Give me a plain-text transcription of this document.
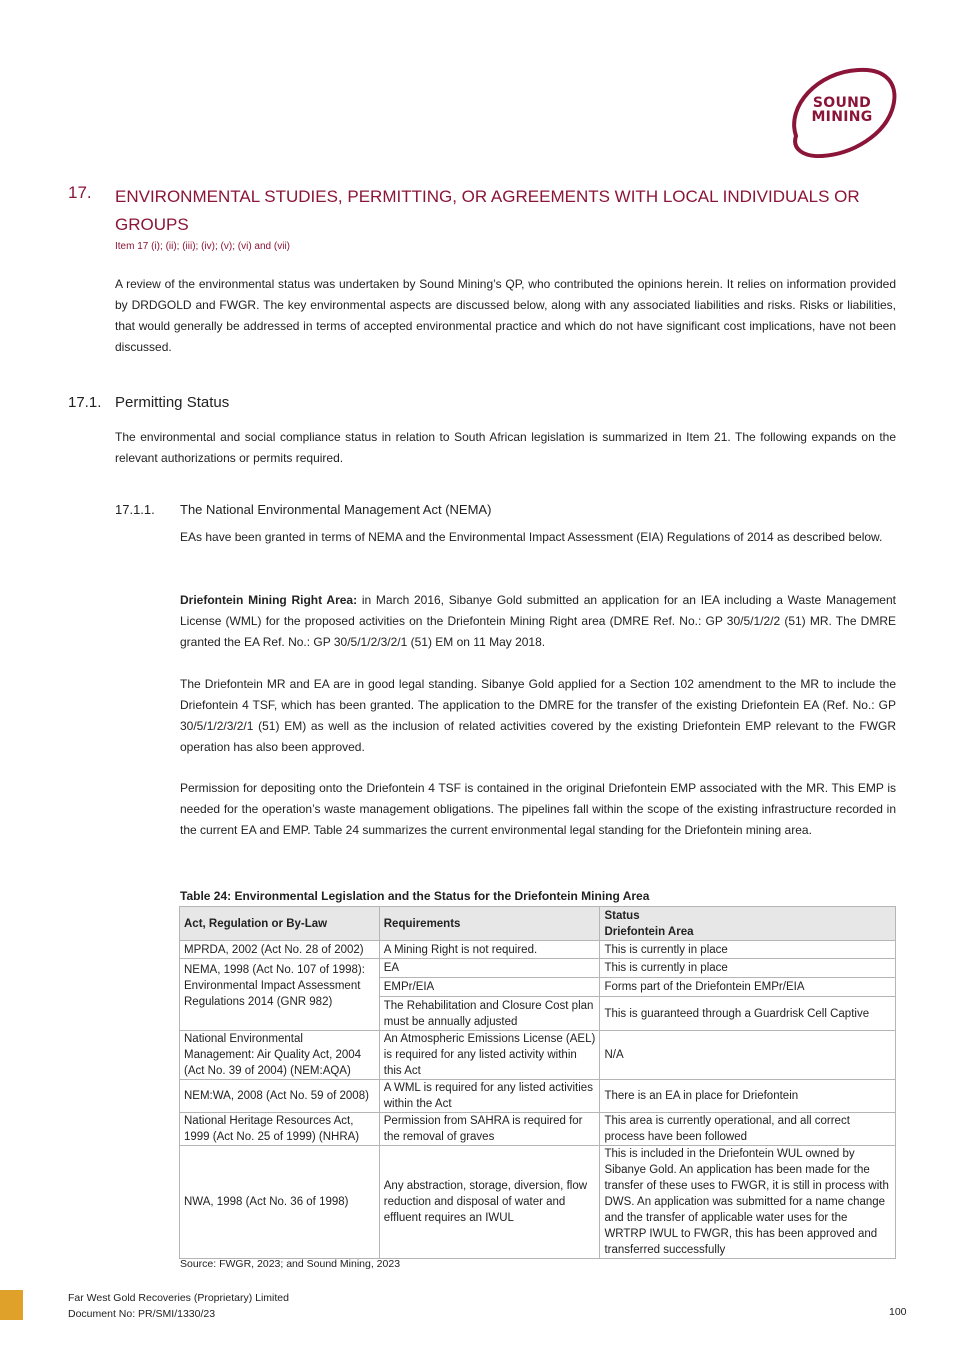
SOUND
MINING
17. ENVIRONMENTAL STUDIES, PERMITTING, OR AGREEMENTS WITH LOCAL INDIVIDUALS OR GROUPS
Item 17 (i); (ii); (iii); (iv); (v); (vi) and (vii)
A review of the environmental status was undertaken by Sound Mining’s QP, who contributed the opinions herein. It relies on information provided by DRDGOLD and FWGR. The key environmental aspects are discussed below, along with any associated liabilities and risks. Risks or liabilities, that would generally be addressed in terms of accepted environmental practice and which do not have significant cost implications, have not been discussed.
17.1. Permitting Status
The environmental and social compliance status in relation to South African legislation is summarized in Item 21. The following expands on the relevant authorizations or permits required.
17.1.1. The National Environmental Management Act (NEMA)
EAs have been granted in terms of NEMA and the Environmental Impact Assessment (EIA) Regulations of 2014 as described below.
Driefontein Mining Right Area: in March 2016, Sibanye Gold submitted an application for an IEA including a Waste Management License (WML) for the proposed activities on the Driefontein Mining Right area (DMRE Ref. No.: GP 30/5/1/2/2 (51) MR. The DMRE granted the EA Ref. No.: GP 30/5/1/2/3/2/1 (51) EM on 11 May 2018.
The Driefontein MR and EA are in good legal standing. Sibanye Gold applied for a Section 102 amendment to the MR to include the Driefontein 4 TSF, which has been granted. The application to the DMRE for the transfer of the existing Driefontein EA (Ref. No.: GP 30/5/1/2/3/2/1 (51) EM) as well as the inclusion of related activities covered by the existing Driefontein EMP relevant to the FWGR operation has also been approved.
Permission for depositing onto the Driefontein 4 TSF is contained in the original Driefontein EMP associated with the MR. This EMP is needed for the operation’s waste management obligations. The pipelines fall within the scope of the existing infrastructure recorded in the current EA and EMP. Table 24 summarizes the current environmental legal standing for the Driefontein mining area.
Table 24: Environmental Legislation and the Status for the Driefontein Mining Area
Act, Regulation or By-Law	Requirements	Status
Driefontein Area

MPRDA, 2002 (Act No. 28 of 2002)	A Mining Right is not required.	This is currently in place
NEMA, 1998 (Act No. 107 of 1998): Environmental Impact Assessment Regulations 2014 (GNR 982)	EA	This is currently in place
	EMPr/EIA	Forms part of the Driefontein EMPr/EIA
	The Rehabilitation and Closure Cost plan must be annually adjusted	This is guaranteed through a Guardrisk Cell Captive
National Environmental Management: Air Quality Act, 2004 (Act No. 39 of 2004) (NEM:AQA)	An Atmospheric Emissions License (AEL) is required for any listed activity within this Act	N/A
NEM:WA, 2008 (Act No. 59 of 2008)	A WML is required for any listed activities within the Act	There is an EA in place for Driefontein
National Heritage Resources Act, 1999 (Act No. 25 of 1999) (NHRA)	Permission from SAHRA is required for the removal of graves	This area is currently operational, and all correct process have been followed
NWA, 1998 (Act No. 36 of 1998)	Any abstraction, storage, diversion, flow reduction and disposal of water and effluent requires an IWUL	This is included in the Driefontein WUL owned by Sibanye Gold. An application has been made for the transfer of these uses to FWGR, it is still in process with DWS. An application was submitted for a name change and the transfer of applicable water uses for the WRTRP IWUL to FWGR, this has been approved and transferred successfully
Source: FWGR, 2023; and Sound Mining, 2023
Far West Gold Recoveries (Proprietary) Limited
Document No: PR/SMI/1330/23	100
